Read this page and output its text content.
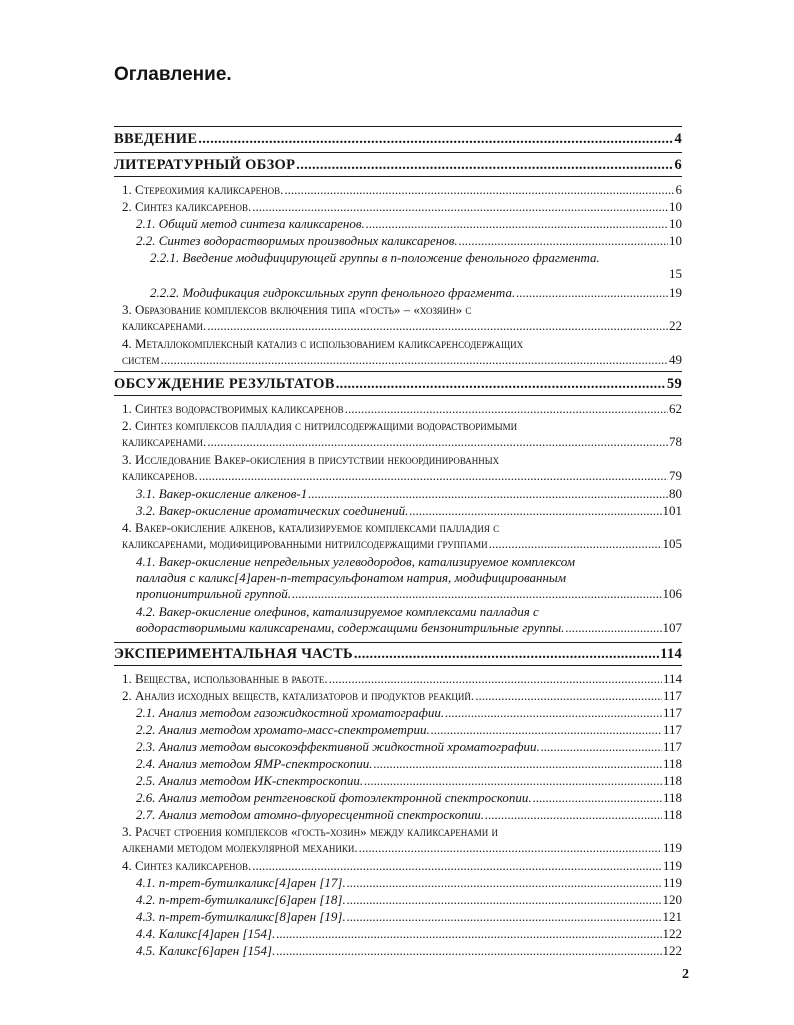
Оглавление.
ВВЕДЕНИЕ .....	4
ЛИТЕРАТУРНЫЙ ОБЗОР .....	6
1. Стереохимия каликсаренов. .....	6
2. Синтез каликсаренов. .....	10
2.1. Общий метод синтеза каликсаренов. .....	10
2.2. Синтез водорастворимых производных каликсаренов. .....	10
2.2.1. Введение модифицирующей группы в п-положение фенольного фрагмента.
15
2.2.2. Модификация гидроксильных групп фенольного фрагмента. .....	19
3. Образование комплексов включения типа «гость» – «хозяин» с
каликсаренами. .....	22
4. Металлокомплексный катализ с использованием каликсаренсодержащих
систем .....	49
ОБСУЖДЕНИЕ РЕЗУЛЬТАТОВ .....	59
1. Синтез водорастворимых каликсаренов .....	62
2. Синтез комплексов палладия с нитрилсодержащими водорастворимыми
каликсаренами. .....	78
3. Исследование Вакер-окисления в присутствии некоординированных
каликсаренов. .....	79
3.1. Вакер-окисление алкенов-1 .....	80
3.2. Вакер-окисление ароматических соединений. .....	101
4. Вакер-окисление алкенов, катализируемое комплексами палладия с
каликсаренами, модифицированными нитрилсодержащими группами .....	105
4.1. Вакер-окисление непредельных углеводородов, катализируемое комплексом
палладия с каликс[4]арен-п-тетрасульфонатом натрия, модифицированным
пропионитрильной группой. .....	106
4.2. Вакер-окисление олефинов, катализируемое комплексами палладия с
водорастворимыми каликсаренами, содержащими бензонитрильные группы. .....	107
ЭКСПЕРИМЕНТАЛЬНАЯ ЧАСТЬ .....	114
1. Вещества, использованные в работе. .....	114
2. Анализ исходных веществ, катализаторов и продуктов реакций. .....	117
2.1. Анализ методом газожидкостной хроматографии. .....	117
2.2. Анализ методом хромато-масс-спектрометрии. .....	117
2.3. Анализ методом высокоэффективной жидкостной хроматографии. .....	117
2.4. Анализ методом ЯМР-спектроскопии. .....	118
2.5. Анализ методом ИК-спектроскопии. .....	118
2.6. Анализ методом рентгеновской фотоэлектронной спектроскопии. .....	118
2.7. Анализ методом атомно-флуоресцентной спектроскопии. .....	118
3. Расчет строения комплексов «гость-хозин» между каликсаренами и
алкенами методом молекулярной механики. .....	119
4. Синтез каликсаренов. .....	119
4.1. п-трет-бутилкаликс[4]арен [17]. .....	119
4.2. п-трет-бутилкаликс[6]арен [18]. .....	120
4.3. п-трет-бутилкаликс[8]арен [19]. .....	121
4.4. Каликс[4]арен [154]. .....	122
4.5. Каликс[6]арен [154]. .....	122
2
